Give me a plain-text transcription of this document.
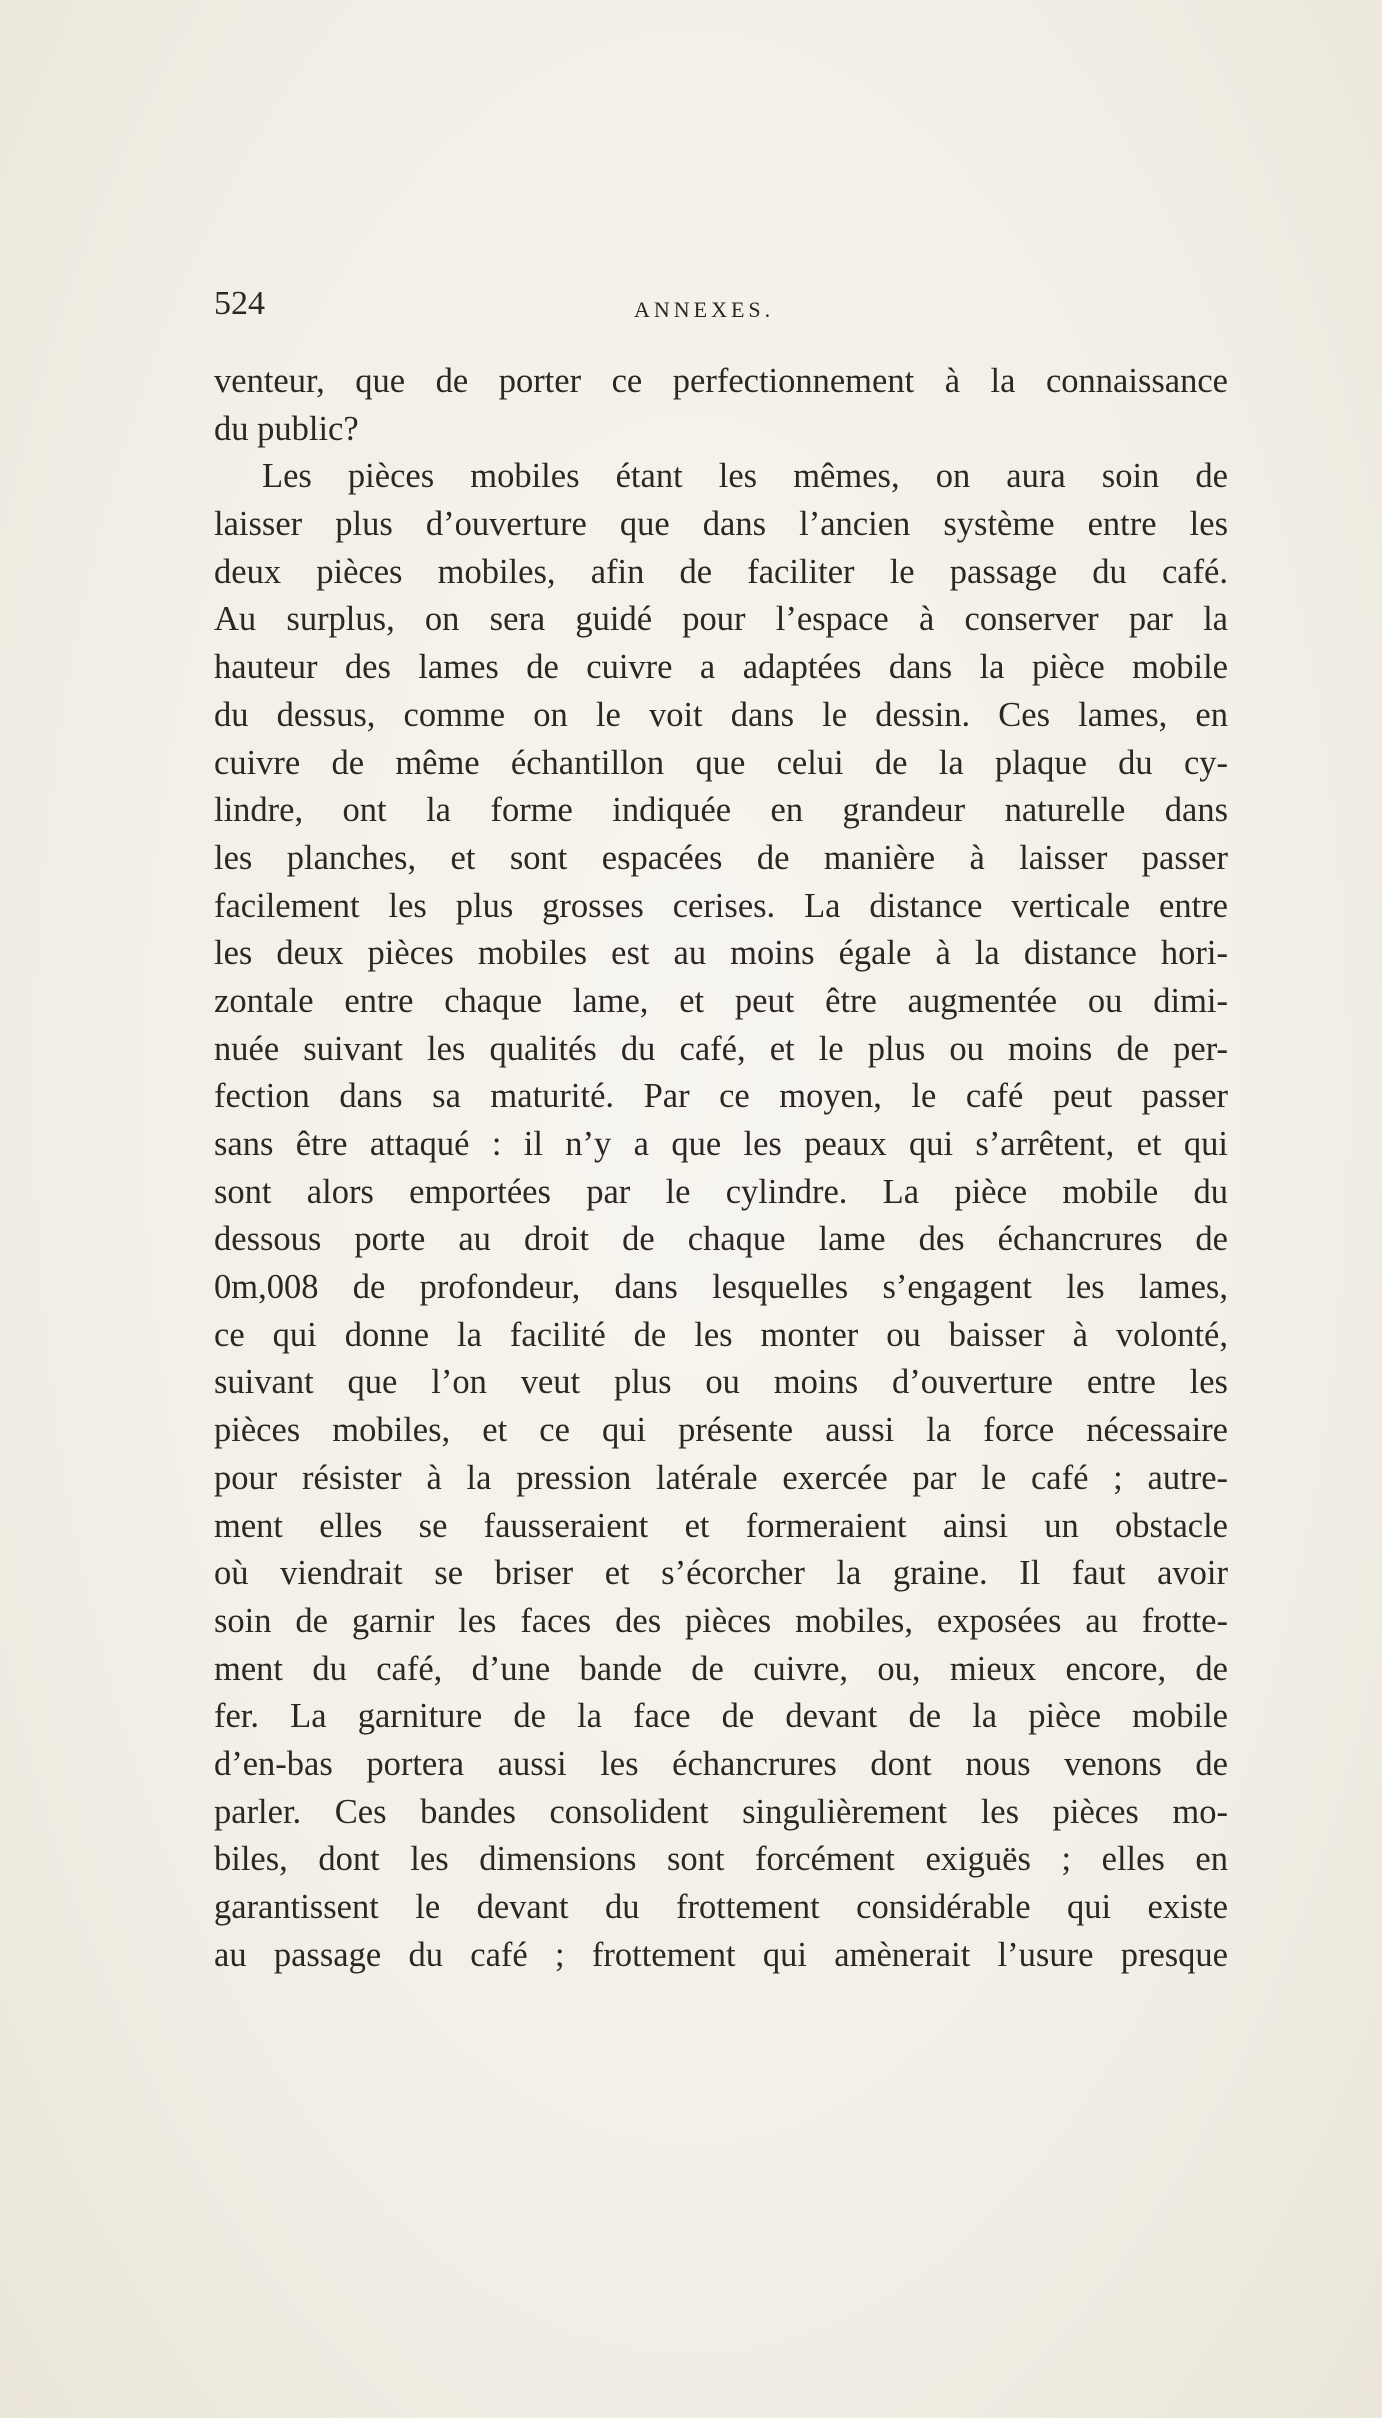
524	ANNEXES.
venteur, que de porter ce perfectionnement à la connaissance
du public?
Les pièces mobiles étant les mêmes, on aura soin de
laisser plus d’ouverture que dans l’ancien système entre les
deux pièces mobiles, afin de faciliter le passage du café.
Au surplus, on sera guidé pour l’espace à conserver par la
hauteur des lames de cuivre a adaptées dans la pièce mobile
du dessus, comme on le voit dans le dessin. Ces lames, en
cuivre de même échantillon que celui de la plaque du cy-
lindre, ont la forme indiquée en grandeur naturelle dans
les planches, et sont espacées de manière à laisser passer
facilement les plus grosses cerises. La distance verticale entre
les deux pièces mobiles est au moins égale à la distance hori-
zontale entre chaque lame, et peut être augmentée ou dimi-
nuée suivant les qualités du café, et le plus ou moins de per-
fection dans sa maturité. Par ce moyen, le café peut passer
sans être attaqué : il n’y a que les peaux qui s’arrêtent, et qui
sont alors emportées par le cylindre. La pièce mobile du
dessous porte au droit de chaque lame des échancrures de
0m,008 de profondeur, dans lesquelles s’engagent les lames,
ce qui donne la facilité de les monter ou baisser à volonté,
suivant que l’on veut plus ou moins d’ouverture entre les
pièces mobiles, et ce qui présente aussi la force nécessaire
pour résister à la pression latérale exercée par le café ; autre-
ment elles se fausseraient et formeraient ainsi un obstacle
où viendrait se briser et s’écorcher la graine. Il faut avoir
soin de garnir les faces des pièces mobiles, exposées au frotte-
ment du café, d’une bande de cuivre, ou, mieux encore, de
fer. La garniture de la face de devant de la pièce mobile
d’en-bas portera aussi les échancrures dont nous venons de
parler. Ces bandes consolident singulièrement les pièces mo-
biles, dont les dimensions sont forcément exiguës ; elles en
garantissent le devant du frottement considérable qui existe
au passage du café ; frottement qui amènerait l’usure presque
